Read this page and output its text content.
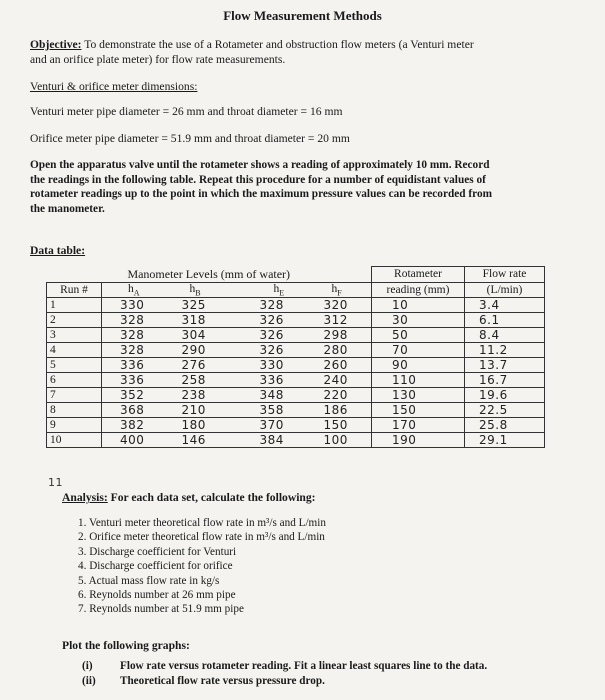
Flow Measurement Methods
Objective: To demonstrate the use of a Rotameter and obstruction flow meters (a Venturi meter
and an orifice plate meter) for flow rate measurements.
Venturi & orifice meter dimensions:
Venturi meter pipe diameter = 26 mm and throat diameter = 16 mm
Orifice meter pipe diameter = 51.9 mm and throat diameter = 20 mm
Open the apparatus valve until the rotameter shows a reading of approximately 10 mm. Record
the readings in the following table. Repeat this procedure for a number of equidistant values of
rotameter readings up to the point in which the maximum pressure values can be recorded from
the manometer.
Data table:
Manometer Levels (mm of water)					Rotameter	Flow rate
Run #	$h_A$	$h_B$	$h_E$	$h_F$	reading (mm)	(L/min)
1	330	325	328	320	10	3.4
2	328	318	326	312	30	6.1
3	328	304	326	298	50	8.4
4	328	290	326	280	70	11.2
5	336	276	330	260	90	13.7
6	336	258	336	240	110	16.7
7	352	238	348	220	130	19.6
8	368	210	358	186	150	22.5
9	382	180	370	150	170	25.8
10	400	146	384	100	190	29.1
Analysis: For each data set, calculate the following:
1. Venturi meter theoretical flow rate in m³/s and L/min
2. Orifice meter theoretical flow rate in m³/s and L/min
3. Discharge coefficient for Venturi
4. Discharge coefficient for orifice
5. Actual mass flow rate in kg/s
6. Reynolds number at 26 mm pipe
7. Reynolds number at 51.9 mm pipe
Plot the following graphs:
(i) Flow rate versus rotameter reading. Fit a linear least squares line to the data.
(ii) Theoretical flow rate versus pressure drop.
11
